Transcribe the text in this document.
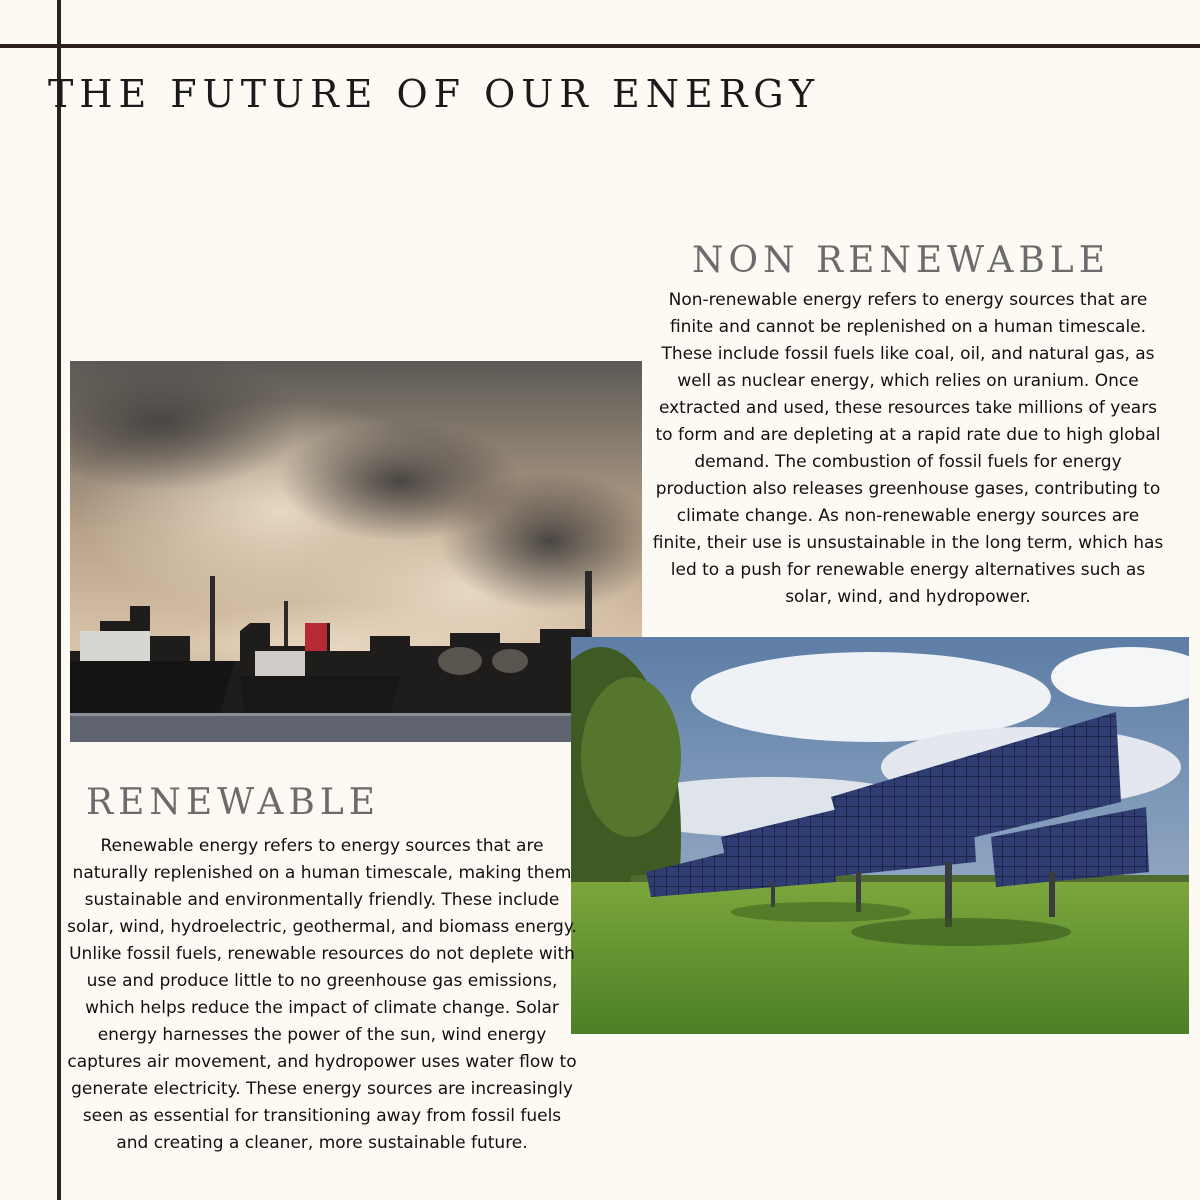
THE FUTURE OF OUR ENERGY
NON RENEWABLE
Non-renewable energy refers to energy sources that are finite and cannot be replenished on a human timescale. These include fossil fuels like coal, oil, and natural gas, as well as nuclear energy, which relies on uranium. Once extracted and used, these resources take millions of years to form and are depleting at a rapid rate due to high global demand. The combustion of fossil fuels for energy production also releases greenhouse gases, contributing to climate change. As non-renewable energy sources are finite, their use is unsustainable in the long term, which has led to a push for renewable energy alternatives such as solar, wind, and hydropower.
RENEWABLE
Renewable energy refers to energy sources that are naturally replenished on a human timescale, making them sustainable and environmentally friendly. These include solar, wind, hydroelectric, geothermal, and biomass energy. Unlike fossil fuels, renewable resources do not deplete with use and produce little to no greenhouse gas emissions, which helps reduce the impact of climate change. Solar energy harnesses the power of the sun, wind energy captures air movement, and hydropower uses water flow to generate electricity. These energy sources are increasingly seen as essential for transitioning away from fossil fuels and creating a cleaner, more sustainable future.
